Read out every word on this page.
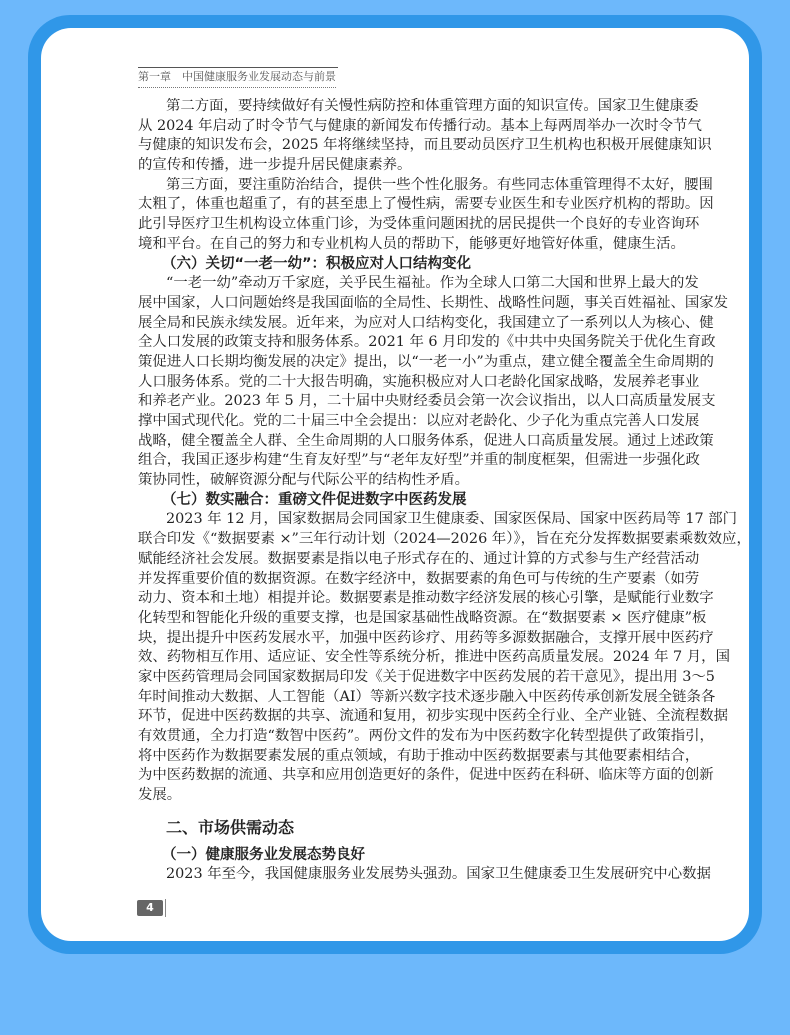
第一章　中国健康服务业发展动态与前景
第二方面，要持续做好有关慢性病防控和体重管理方面的知识宣传。国家卫生健康委
从 2024 年启动了时令节气与健康的新闻发布传播行动。基本上每两周举办一次时令节气
与健康的知识发布会，2025 年将继续坚持，而且要动员医疗卫生机构也积极开展健康知识
的宣传和传播，进一步提升居民健康素养。
第三方面，要注重防治结合，提供一些个性化服务。有些同志体重管理得不太好，腰围
太粗了，体重也超重了，有的甚至患上了慢性病，需要专业医生和专业医疗机构的帮助。因
此引导医疗卫生机构设立体重门诊，为受体重问题困扰的居民提供一个良好的专业咨询环
境和平台。在自己的努力和专业机构人员的帮助下，能够更好地管好体重，健康生活。
（六）关切“一老一幼”：积极应对人口结构变化
“一老一幼”牵动万千家庭，关乎民生福祉。作为全球人口第二大国和世界上最大的发
展中国家，人口问题始终是我国面临的全局性、长期性、战略性问题，事关百姓福祉、国家发
展全局和民族永续发展。近年来，为应对人口结构变化，我国建立了一系列以人为核心、健
全人口发展的政策支持和服务体系。2021 年 6 月印发的《中共中央国务院关于优化生育政
策促进人口长期均衡发展的决定》提出，以“一老一小”为重点，建立健全覆盖全生命周期的
人口服务体系。党的二十大报告明确，实施积极应对人口老龄化国家战略，发展养老事业
和养老产业。2023 年 5 月，二十届中央财经委员会第一次会议指出，以人口高质量发展支
撑中国式现代化。党的二十届三中全会提出：以应对老龄化、少子化为重点完善人口发展
战略，健全覆盖全人群、全生命周期的人口服务体系，促进人口高质量发展。通过上述政策
组合，我国正逐步构建“生育友好型”与“老年友好型”并重的制度框架，但需进一步强化政
策协同性，破解资源分配与代际公平的结构性矛盾。
（七）数实融合：重磅文件促进数字中医药发展
2023 年 12 月，国家数据局会同国家卫生健康委、国家医保局、国家中医药局等 17 部门
联合印发《“数据要素 ×”三年行动计划（2024—2026 年）》，旨在充分发挥数据要素乘数效应，
赋能经济社会发展。数据要素是指以电子形式存在的、通过计算的方式参与生产经营活动
并发挥重要价值的数据资源。在数字经济中，数据要素的角色可与传统的生产要素（如劳
动力、资本和土地）相提并论。数据要素是推动数字经济发展的核心引擎，是赋能行业数字
化转型和智能化升级的重要支撑，也是国家基础性战略资源。在“数据要素 × 医疗健康”板
块，提出提升中医药发展水平，加强中医药诊疗、用药等多源数据融合，支撑开展中医药疗
效、药物相互作用、适应证、安全性等系统分析，推进中医药高质量发展。2024 年 7 月，国
家中医药管理局会同国家数据局印发《关于促进数字中医药发展的若干意见》，提出用 3～5
年时间推动大数据、人工智能（AI）等新兴数字技术逐步融入中医药传承创新发展全链条各
环节，促进中医药数据的共享、流通和复用，初步实现中医药全行业、全产业链、全流程数据
有效贯通，全力打造“数智中医药”。两份文件的发布为中医药数字化转型提供了政策指引，
将中医药作为数据要素发展的重点领域，有助于推动中医药数据要素与其他要素相结合，
为中医药数据的流通、共享和应用创造更好的条件，促进中医药在科研、临床等方面的创新
发展。
二、市场供需动态
（一）健康服务业发展态势良好
2023 年至今，我国健康服务业发展势头强劲。国家卫生健康委卫生发展研究中心数据
4
